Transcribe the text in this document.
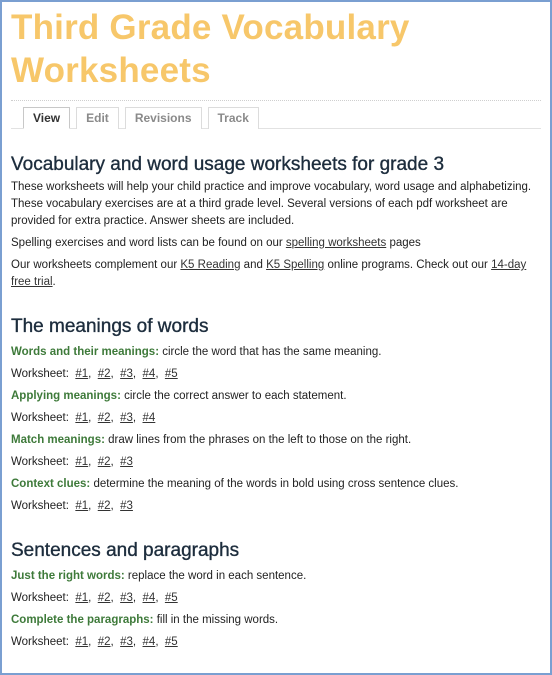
Third Grade Vocabulary
Worksheets
View	Edit	Revisions	Track
Vocabulary and word usage worksheets for grade 3

These worksheets will help your child practice and improve vocabulary, word usage and alphabetizing. These vocabulary exercises are at a third grade level. Several versions of each pdf worksheet are provided for extra practice. Answer sheets are included.

Spelling exercises and word lists can be found on our spelling worksheets pages

Our worksheets complement our K5 Reading and K5 Spelling online programs. Check out our 14-day free trial.

The meanings of words

Words and their meanings: circle the word that has the same meaning.

Worksheet: #1,  #2,  #3,  #4,  #5

Applying meanings: circle the correct answer to each statement.

Worksheet: #1,  #2,  #3,  #4

Match meanings: draw lines from the phrases on the left to those on the right.

Worksheet: #1,  #2,  #3

Context clues: determine the meaning of the words in bold using cross sentence clues.

Worksheet: #1,  #2,  #3

Sentences and paragraphs

Just the right words: replace the word in each sentence.

Worksheet: #1,  #2,  #3,  #4,  #5

Complete the paragraphs: fill in the missing words.

Worksheet: #1,  #2,  #3,  #4,  #5
